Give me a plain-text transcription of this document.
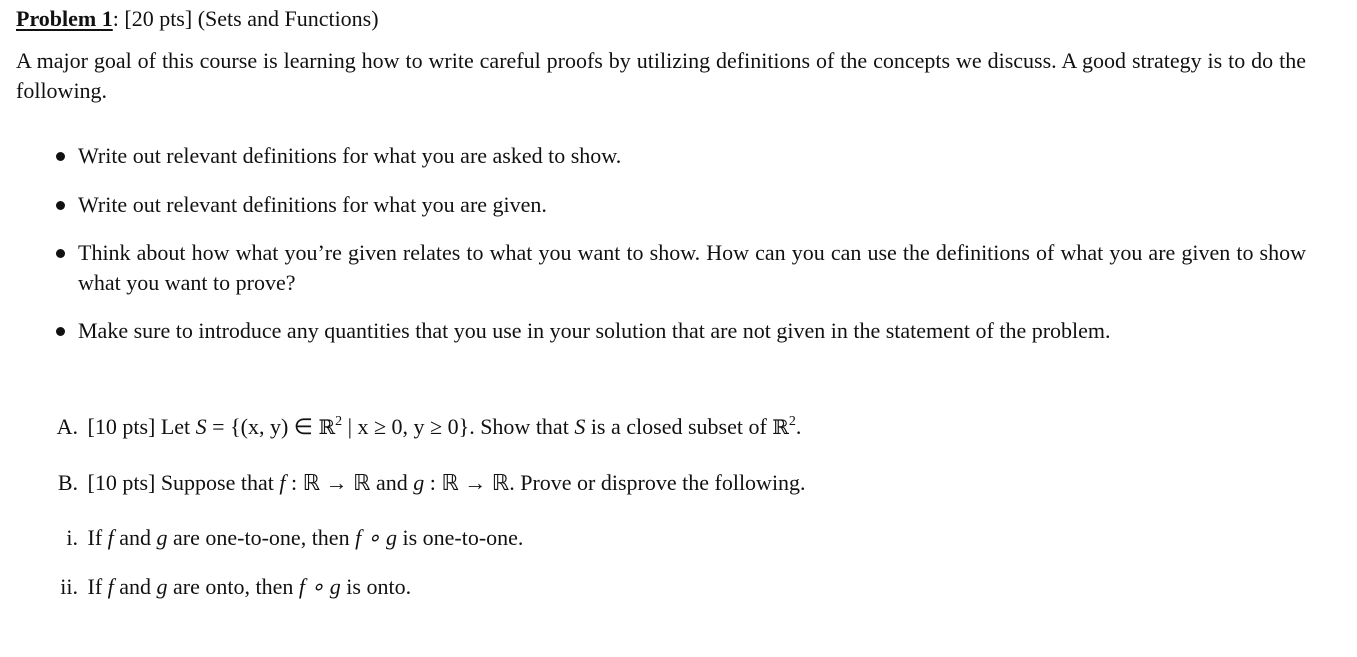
Problem 1: [20 pts] (Sets and Functions)
A major goal of this course is learning how to write careful proofs by utilizing definitions of the concepts we discuss. A good strategy is to do the following.
Write out relevant definitions for what you are asked to show.
Write out relevant definitions for what you are given.
Think about how what you’re given relates to what you want to show. How can you can use the definitions of what you are given to show what you want to prove?
Make sure to introduce any quantities that you use in your solution that are not given in the statement of the problem.
A. [10 pts] Let S = {(x, y) ∈ ℝ$^2$ | x ≥ 0, y ≥ 0}. Show that S is a closed subset of ℝ$^2$.
B. [10 pts] Suppose that f : ℝ → ℝ and g : ℝ → ℝ. Prove or disprove the following.
i. If f and g are one-to-one, then f ∘ g is one-to-one.
ii. If f and g are onto, then f ∘ g is onto.
